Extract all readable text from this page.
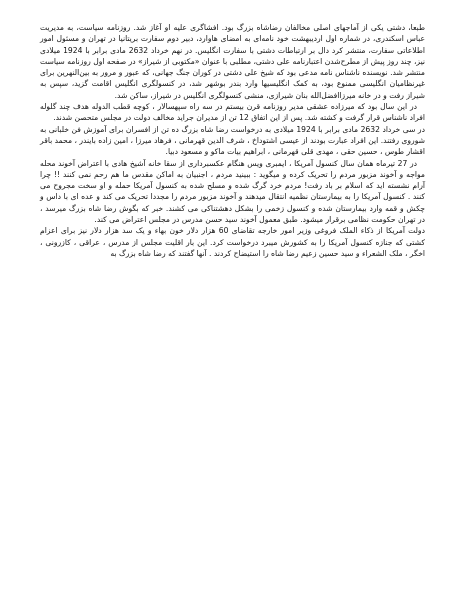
طبعا، دشتی یکی از آماجهای اصلی مخالفان رضاشاه بزرگ بود. افشاگری علیه او آغاز شد. روزنامه سیاست، به مدیریت عباس اسکندری، در شماره اول اردیبهشت خود نامه‌ای به امضای هاوارد، دبیر دوم سفارت بریتانیا در تهران و مسئول امور اطلاعاتی سفارت، منتشر کرد دال بر ارتباطات دشتی با سفارت انگلیس. در نهم خرداد 2632 مادی برابر با 1924 میلادی نیز، چند روز پیش از مطرح‌شدن اعتبارنامه علی دشتی، مطلبی با عنوان «مکتوبی از شیراز» در صفحه اول روزنامه سیاست منتشر شد. نویسنده ناشناس نامه مدعی بود که شیخ علی دشتی در کوران جنگ جهانی، که عبور و مرور به بین‌النهرین برای غیرنظامیان انگلیسی ممنوع بود، به کمک انگلیسیها وارد بندر بوشهر شد، در کنسولگری انگلیس اقامت گزید، سپس به شیراز رفت و در خانه میرزاافضل‌الله بنان شیرازی، منشی کنسولگری انگلیس در شیراز، ساکن شد.

در این سال بود که میرزاده عشقی مدیر روزنامه قرن بیستم در سه راه سپهسالار ، کوچه قطب الدوله هدف چند گلوله افراد ناشناس قرار گرفت و کشته شد. پس از این اتفاق 12 تن از مدیران جراید مخالف دولت در مجلس متحصن شدند.

در سی خرداد 2632 مادی برابر با 1924 میلادی به درخواست رضا شاه بزرگ ده تن از افسران برای آموزش فن خلبانی به شوروی رفتند. این افراد عبارت بودند از عیسی اشتوداخ ، شرف الدین قهرمانی ، فرهاد میرزا ، امین زاده بایندر ، محمد باقر اقشار طوس ، حسین حقی ، مهدی قلی قهرمانی ، ابراهیم بیات ماکو و مسعود دبیا.

در 27 تیرماه همان سال کنسول آمریکا ، ایمبری ویس هنگام عکسبرداری از سقا خانه آشیخ هادی با اعتراض آخوند محله مواجه و آخوند مزبور مردم را تحریک کرده و میگوید : ببینید مردم ، اجنبیان به اماکن مقدس ما هم رحم نمی کنند !! چرا آرام نشسته اید که اسلام بر باد رفت! مردم خرد گرگ شده و مسلح شده به کنسول آمریکا حمله و او سخت مجروح می کنند . کنسول آمریکا را به بیمارستان نظمیه انتقال میدهند و آخوند مزبور مردم را مجددا تحریک می کند و عده ای با داس و چکش و قمه وارد بیمارستان شده و کنسول زخمی را بشکل دهشتناکی می کشند. خبر که بگوش رضا شاه بزرگ میرسد ، در تهران حکومت نظامی برقرار میشود. طبق معمول آخوند سید حسن مدرس در مجلس اعتراض می کند.

دولت آمریکا از ذکاء الملک فروغی وزیر امور خارجه تقاضای 60 هزار دلار خون بهاء و یک سد هزار دلار نیز برای اعزام کشتی که جنازه کنسول آمریکا را به کشورش میبرد درخواست کرد. این بار اقلیت مجلس از مدرس ، عراقی ، کازرونی ، اخگر ، ملک الشعراء و سید حسین زعیم رضا شاه را استیضاح کردند . آنها گفتند که رضا شاه بزرگ به
